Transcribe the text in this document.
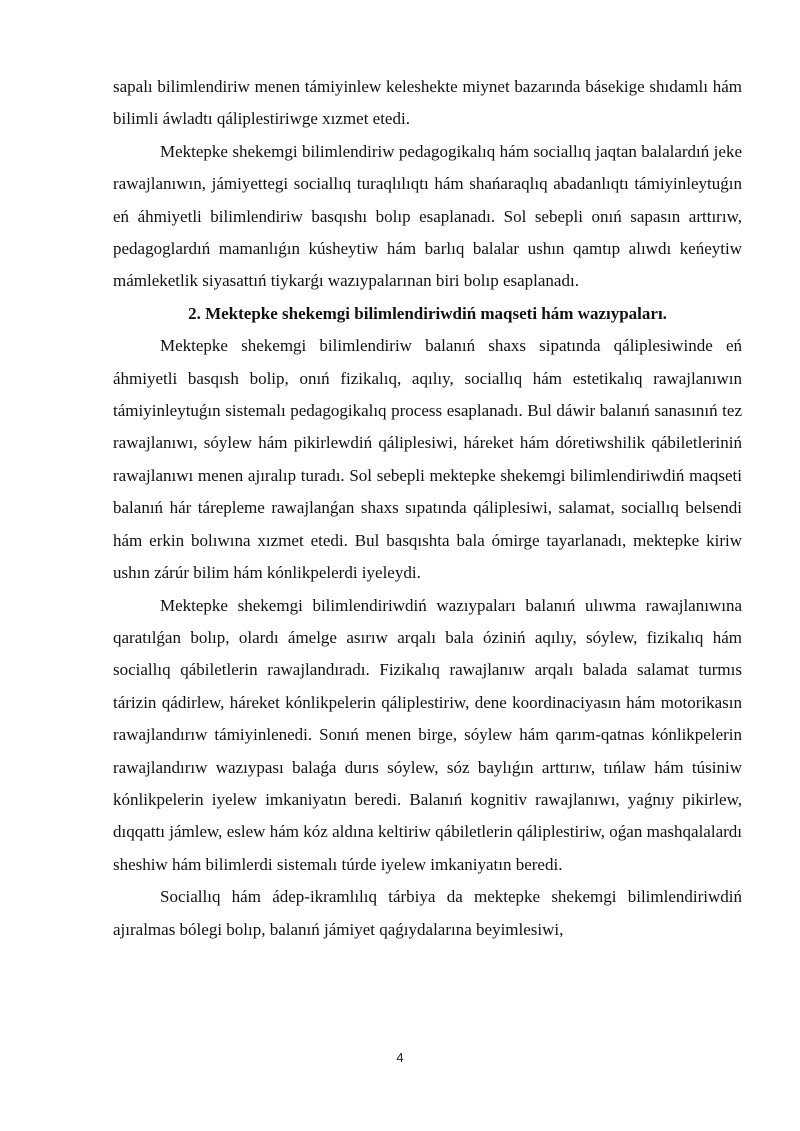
sapalı bilimlendiriw menen támiyinlew keleshekte miynet bazarında básekige shıdamlı hám bilimli áwladtı qáliplestiriwge xızmet etedi.

Mektepke shekemgi bilimlendiriw pedagogikalıq hám sociallıq jaqtan balalardıń jeke rawajlanıwın, jámiyettegi sociallıq turaqlılıqtı hám shańaraqlıq abadanlıqtı támiyinleytuǵın eń áhmiyetli bilimlendiriw basqıshı bolıp esaplanadı. Sol sebepli onıń sapasın arttırıw, pedagoglardıń mamanlıǵın kúsheytiw hám barlıq balalar ushın qamtıp alıwdı keńeytiw mámleketlik siyasattıń tiykarǵı wazıypalarınan biri bolıp esaplanadı.

2. Mektepke shekemgi bilimlendiriwdiń maqseti hám wazıypaları.

Mektepke shekemgi bilimlendiriw balanıń shaxs sipatında qáliplesiwinde eń áhmiyetli basqısh bolip, onıń fizikalıq, aqılıy, sociallıq hám estetikalıq rawajlanıwın támiyinleytuǵın sistemalı pedagogikalıq process esaplanadı. Bul dáwir balanıń sanasınıń tez rawajlanıwı, sóylew hám pikirlewdiń qáliplesiwi, háreket hám dóretiwshilik qábiletleriniń rawajlanıwı menen ajıralıp turadı. Sol sebepli mektepke shekemgi bilimlendiriwdiń maqseti balanıń hár tárepleme rawajlanǵan shaxs sıpatında qáliplesiwi, salamat, sociallıq belsendi hám erkin bolıwına xızmet etedi. Bul basqıshta bala ómirge tayarlanadı, mektepke kiriw ushın zárúr bilim hám kónlikpelerdi iyeleydi.

Mektepke shekemgi bilimlendiriwdiń wazıypaları balanıń ulıwma rawajlanıwına qaratılǵan bolıp, olardı ámelge asırıw arqalı bala óziniń aqılıy, sóylew, fizikalıq hám sociallıq qábiletlerin rawajlandıradı. Fizikalıq rawajlanıw arqalı balada salamat turmıs tárizin qádirlew, háreket kónlikpelerin qáliplestiriw, dene koordinaciyasın hám motorikasın rawajlandırıw támiyinlenedi. Sonıń menen birge, sóylew hám qarım-qatnas kónlikpelerin rawajlandırıw wazıypası balaǵa durıs sóylew, sóz baylıǵın arttırıw, tıńlaw hám túsiniw kónlikpelerin iyelew imkaniyatın beredi. Balanıń kognitiv rawajlanıwı, yaǵnıy pikirlew, dıqqattı jámlew, eslew hám kóz aldına keltiriw qábiletlerin qáliplestiriw, oǵan mashqalalardı sheshiw hám bilimlerdi sistemalı túrde iyelew imkaniyatın beredi.

Sociallıq hám ádep-ikramlılıq tárbiya da mektepke shekemgi bilimlendiriwdiń ajıralmas bólegi bolıp, balanıń jámiyet qaǵıydalarına beyimlesiwi,

4
